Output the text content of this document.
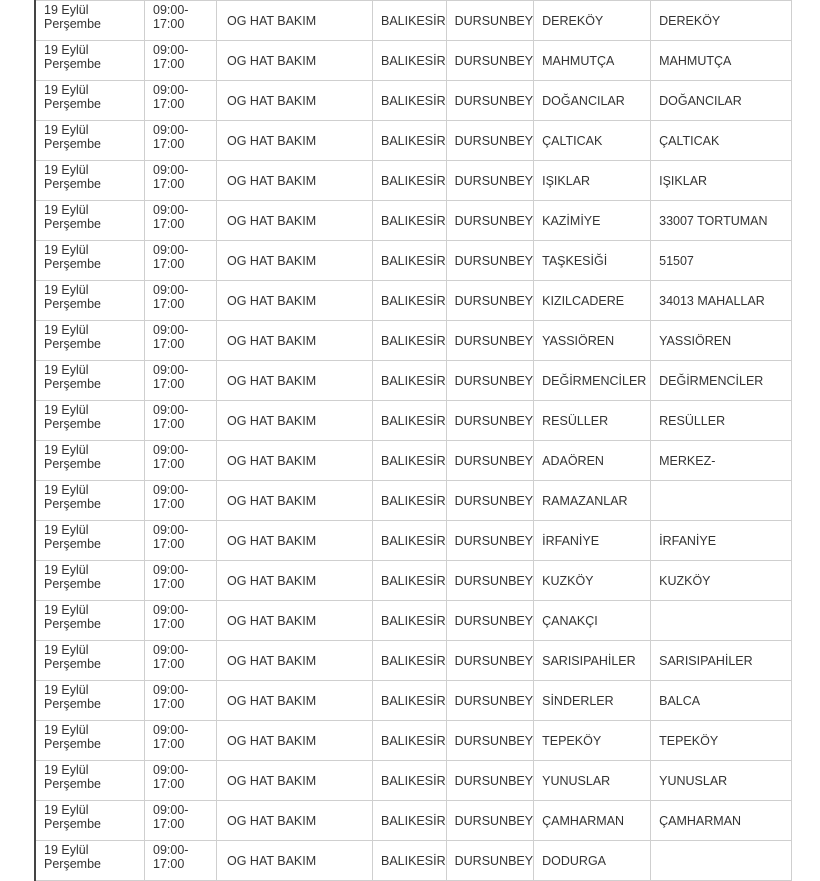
19 Eylül Perşembe	09:00-17:00	OG HAT BAKIM	BALIKESİR	DURSUNBEY	DEREKÖY	DEREKÖY
19 Eylül Perşembe	09:00-17:00	OG HAT BAKIM	BALIKESİR	DURSUNBEY	MAHMUTÇA	MAHMUTÇA
19 Eylül Perşembe	09:00-17:00	OG HAT BAKIM	BALIKESİR	DURSUNBEY	DOĞANCILAR	DOĞANCILAR
19 Eylül Perşembe	09:00-17:00	OG HAT BAKIM	BALIKESİR	DURSUNBEY	ÇALTICAK	ÇALTICAK
19 Eylül Perşembe	09:00-17:00	OG HAT BAKIM	BALIKESİR	DURSUNBEY	IŞIKLAR	IŞIKLAR
19 Eylül Perşembe	09:00-17:00	OG HAT BAKIM	BALIKESİR	DURSUNBEY	KAZİMİYE	33007 TORTUMAN
19 Eylül Perşembe	09:00-17:00	OG HAT BAKIM	BALIKESİR	DURSUNBEY	TAŞKESİĞİ	51507
19 Eylül Perşembe	09:00-17:00	OG HAT BAKIM	BALIKESİR	DURSUNBEY	KIZILCADERE	34013 MAHALLAR
19 Eylül Perşembe	09:00-17:00	OG HAT BAKIM	BALIKESİR	DURSUNBEY	YASSIÖREN	YASSIÖREN
19 Eylül Perşembe	09:00-17:00	OG HAT BAKIM	BALIKESİR	DURSUNBEY	DEĞİRMENCİLER	DEĞİRMENCİLER
19 Eylül Perşembe	09:00-17:00	OG HAT BAKIM	BALIKESİR	DURSUNBEY	RESÜLLER	RESÜLLER
19 Eylül Perşembe	09:00-17:00	OG HAT BAKIM	BALIKESİR	DURSUNBEY	ADAÖREN	MERKEZ-
19 Eylül Perşembe	09:00-17:00	OG HAT BAKIM	BALIKESİR	DURSUNBEY	RAMAZANLAR	
19 Eylül Perşembe	09:00-17:00	OG HAT BAKIM	BALIKESİR	DURSUNBEY	İRFANİYE	İRFANİYE
19 Eylül Perşembe	09:00-17:00	OG HAT BAKIM	BALIKESİR	DURSUNBEY	KUZKÖY	KUZKÖY
19 Eylül Perşembe	09:00-17:00	OG HAT BAKIM	BALIKESİR	DURSUNBEY	ÇANAKÇI	
19 Eylül Perşembe	09:00-17:00	OG HAT BAKIM	BALIKESİR	DURSUNBEY	SARISIPAHİLER	SARISIPAHİLER
19 Eylül Perşembe	09:00-17:00	OG HAT BAKIM	BALIKESİR	DURSUNBEY	SİNDERLER	BALCA
19 Eylül Perşembe	09:00-17:00	OG HAT BAKIM	BALIKESİR	DURSUNBEY	TEPEKÖY	TEPEKÖY
19 Eylül Perşembe	09:00-17:00	OG HAT BAKIM	BALIKESİR	DURSUNBEY	YUNUSLAR	YUNUSLAR
19 Eylül Perşembe	09:00-17:00	OG HAT BAKIM	BALIKESİR	DURSUNBEY	ÇAMHARMAN	ÇAMHARMAN
19 Eylül Perşembe	09:00-17:00	OG HAT BAKIM	BALIKESİR	DURSUNBEY	DODURGA	
